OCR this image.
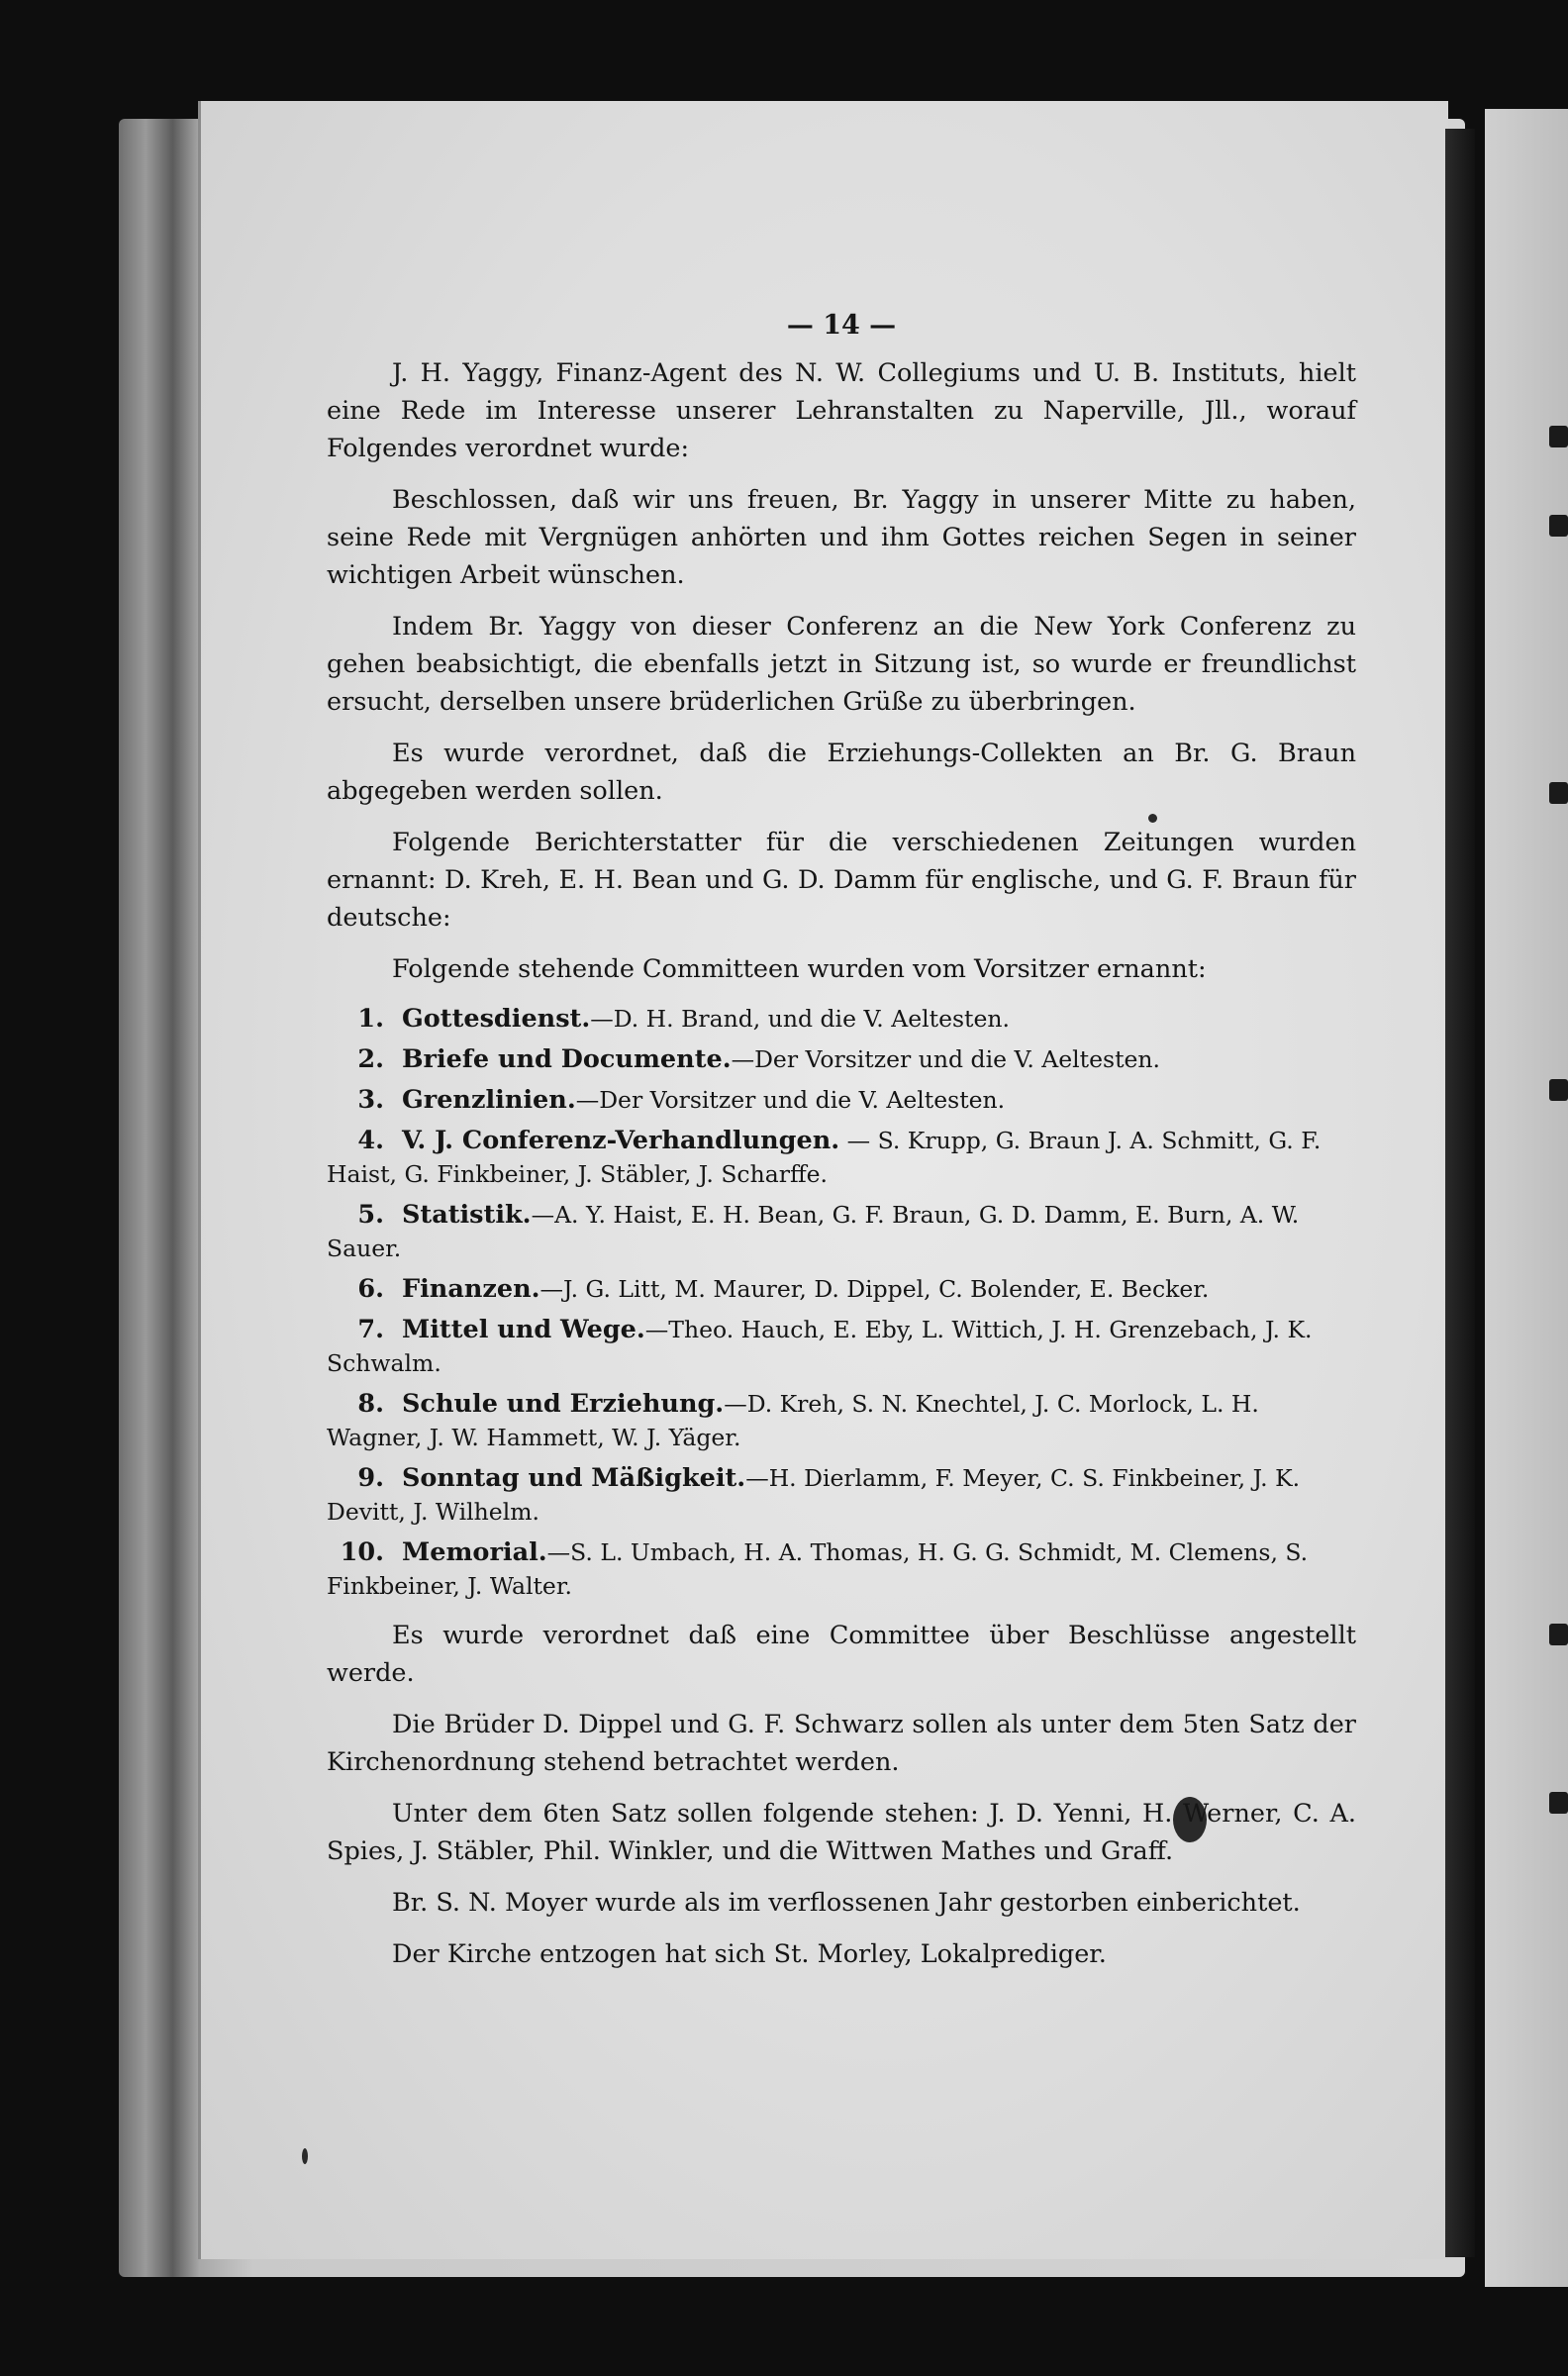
— 14 —

J. H. Yaggy, Finanz-Agent des N. W. Collegiums und U. B. Instituts, hielt eine Rede im Interesse unserer Lehranstalten zu Naperville, Jll., worauf Folgendes verordnet wurde:

Beschlossen, daß wir uns freuen, Br. Yaggy in unserer Mitte zu haben, seine Rede mit Vergnügen anhörten und ihm Gottes reichen Segen in seiner wichtigen Arbeit wünschen.

Indem Br. Yaggy von dieser Conferenz an die New York Conferenz zu gehen beabsichtigt, die ebenfalls jetzt in Sitzung ist, so wurde er freundlichst ersucht, derselben unsere brüderlichen Grüße zu überbringen.

Es wurde verordnet, daß die Erziehungs-Collekten an Br. G. Braun abgegeben werden sollen.

Folgende Berichterstatter für die verschiedenen Zeitungen wurden ernannt: D. Kreh, E. H. Bean und G. D. Damm für englische, und G. F. Braun für deutsche:

Folgende stehende Committeen wurden vom Vorsitzer ernannt:

1. Gottesdienst.—D. H. Brand, und die V. Aeltesten.
2. Briefe und Documente.—Der Vorsitzer und die V. Aeltesten.
3. Grenzlinien.—Der Vorsitzer und die V. Aeltesten.
4. V. J. Conferenz-Verhandlungen. — S. Krupp, G. Braun J. A. Schmitt, G. F. Haist, G. Finkbeiner, J. Stäbler, J. Scharffe.
5. Statistik.—A. Y. Haist, E. H. Bean, G. F. Braun, G. D. Damm, E. Burn, A. W. Sauer.
6. Finanzen.—J. G. Litt, M. Maurer, D. Dippel, C. Bolender, E. Becker.
7. Mittel und Wege.—Theo. Hauch, E. Eby, L. Wittich, J. H. Grenzebach, J. K. Schwalm.
8. Schule und Erziehung.—D. Kreh, S. N. Knechtel, J. C. Morlock, L. H. Wagner, J. W. Hammett, W. J. Yäger.
9. Sonntag und Mäßigkeit.—H. Dierlamm, F. Meyer, C. S. Finkbeiner, J. K. Devitt, J. Wilhelm.
10. Memorial.—S. L. Umbach, H. A. Thomas, H. G. G. Schmidt, M. Clemens, S. Finkbeiner, J. Walter.

Es wurde verordnet daß eine Committee über Beschlüsse angestellt werde.

Die Brüder D. Dippel und G. F. Schwarz sollen als unter dem 5ten Satz der Kirchenordnung stehend betrachtet werden.

Unter dem 6ten Satz sollen folgende stehen: J. D. Yenni, H. Werner, C. A. Spies, J. Stäbler, Phil. Winkler, und die Wittwen Mathes und Graff.

Br. S. N. Moyer wurde als im verflossenen Jahr gestorben einberichtet.

Der Kirche entzogen hat sich St. Morley, Lokalprediger.
